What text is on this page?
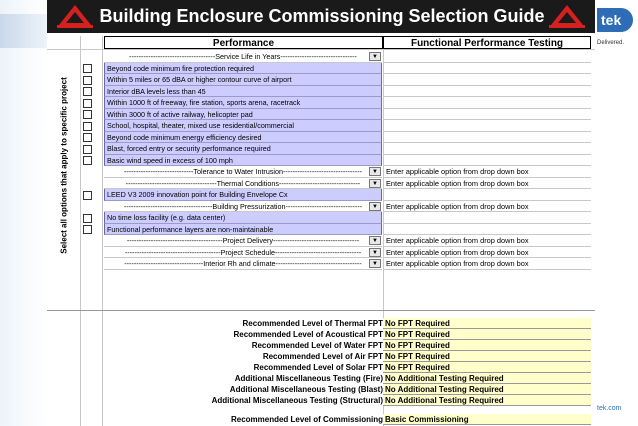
Building Enclosure Commissioning Selection Guide	tek
Delivered.
tek.com
Select all options that apply to specific project
Performance	Functional Performance Testing
------------------------------------Service Life in Years--------------------------------	▼
Beyond code minimum fire protection required
Within 5 miles or 65 dBA or higher contour curve of airport
Interior dBA levels less than 45
Within 1000 ft of freeway, fire station, sports arena, racetrack
Within 3000 ft of active railway, helicopter pad
School, hospital, theater, mixed use residential/commercial
Beyond code minimum energy efficiency desired
Blast, forced entry or security performance required
Basic wind speed in excess of 100 mph
-----------------------------Tolerance to Water Intrusion---------------------------------	▼	Enter applicable option from drop down box
--------------------------------------Thermal Conditions----------------------------------	▼	Enter applicable option from drop down box
LEED V3 2009 innovation point for Building Envelope Cx
-------------------------------------Building Pressurization--------------------------------	▼	Enter applicable option from drop down box
No time loss facility (e.g. data center)
Functional performance layers are non-maintainable
----------------------------------------Project Delivery------------------------------------	▼	Enter applicable option from drop down box
----------------------------------------Project Schedule------------------------------------	▼	Enter applicable option from drop down box
---------------------------------Interior Rh and climate------------------------------------	▼	Enter applicable option from drop down box
Recommended Level of Thermal FPT No FPT Required
Recommended Level of Acoustical FPT No FPT Required
Recommended Level of Water FPT No FPT Required
Recommended Level of Air FPT No FPT Required
Recommended Level of Solar FPT No FPT Required
Additional Miscellaneous Testing (Fire) No Additional Testing Required
Additional Miscellaneous Testing (Blast) No Additional Testing Required
Additional Miscellaneous Testing (Structural) No Additional Testing Required
Recommended Level of Commissioning Basic Commissioning
